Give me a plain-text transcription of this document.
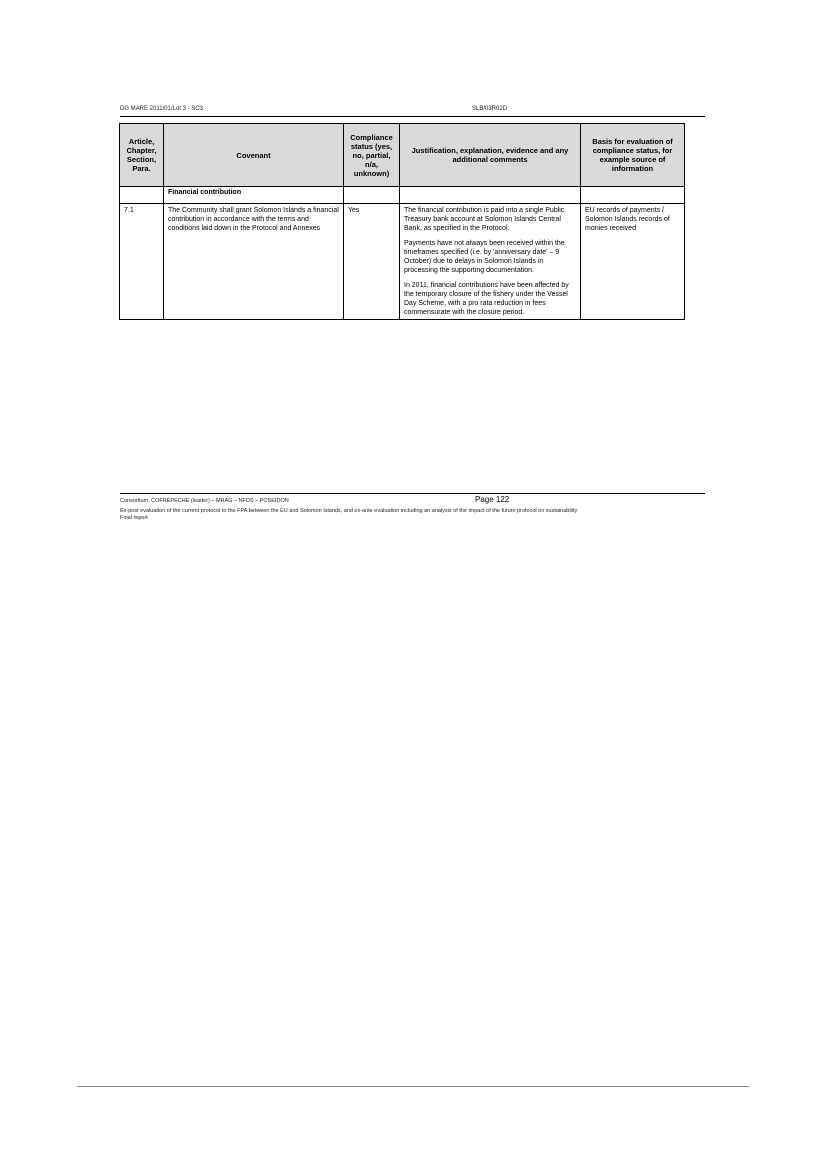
DG MARE 2011/01/Lot 3 - SC3	SLB/03R02D
Article, Chapter, Section, Para.	Covenant	Compliance status (yes, no, partial, n/a, unknown)	Justification, explanation, evidence and any additional comments	Basis for evaluation of compliance status, for example source of information
	Financial contribution			
7.1	The Community shall grant Solomon Islands a financial contribution in accordance with the terms and conditions laid down in the Protocol and Annexes	Yes	The financial contribution is paid into a single Public Treasury bank account at Solomon Islands Central Bank, as specified in the Protocol.

Payments have not always been received within the timeframes specified (i.e. by 'anniversary date' – 9 October) due to delays in Solomon Islands in processing the supporting documentation.

In 2011, financial contributions have been affected by the temporary closure of the fishery under the Vessel Day Scheme, with a pro rata reduction in fees commensurate with the closure period.	EU records of payments / Solomon Islands records of monies received
Consortium: COFREPECHE (leader) – MRAG – NFDS – POSEIDON	Page 122
Ex-post evaluation of the current protocol to the FPA between the EU and Solomon Islands, and ex-ante evaluation including an analysis of the impact of the future protocol on sustainability
Final report
